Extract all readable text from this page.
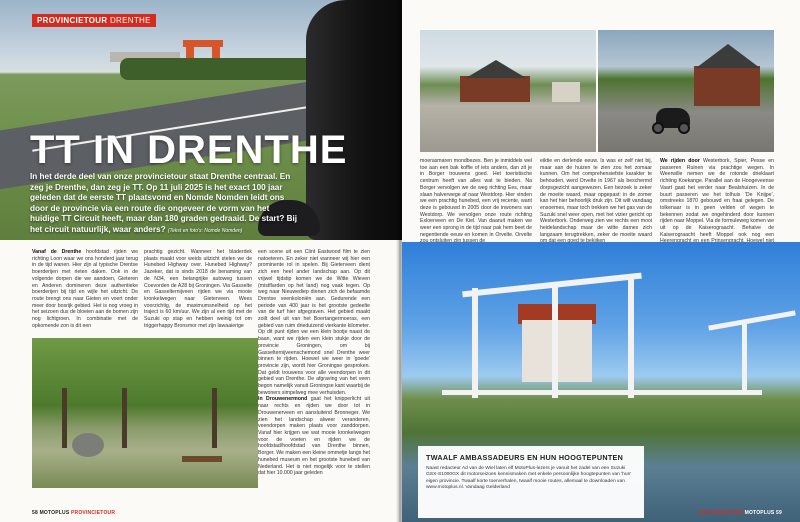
PROVINCIETOUR DRENTHE
TT IN DRENTHE
In het derde deel van onze provincietour staat Drenthe centraal. En zeg je Drenthe, dan zeg je TT. Op 11 juli 2025 is het exact 100 jaar geleden dat de eerste TT plaatsvond en Nomde Nomden leidt ons door de provincie via een route die ongeveer de vorm van het huidige TT Circuit heeft, maar dan 180 graden gedraaid. De start? Bij het circuit natuurlijk, waar anders? (Tekst en foto's: Nomde Nomden)
Vanaf de Drenthe hoofdstad rijden we richting Loon waar we ons honderd jaar terug in de tijd wanen. Hier zijn al typische Drentse boerderijen met rieten daken. Ook in de volgende dorpen die we aandoen, Gieteren en Anderen domineren deze authentieke boerderijen bij tijd en wijle het uitzicht. De route brengt ons naar Gieten en voert onder meer door bosrijk gebied. Het is nog vroeg in het seizoen dus de bloeien aan de bomen zijn nog lichtgroen. In combinatie met de opkomende zon is dit een
prachtig gezicht. Wanneer het bladerdek plaats maakt voor weids uitzicht stelen we de Hunebed Highway over. Hunebed Highway? Jazeker, dat is sinds 2018 de benaming van de N34, een belangrijke autoweg tussen Coevorden de A28 bij Groningen. Via Gasselte en Gasselternijveen rijden we via mooie kronkelwegen naar Gieterveen. Wees voorzichtig, de maximumsnelheid op het traject is 60 km/uur. We zijn al een tijd met de Suzuki op stap en hebben weinig tot om triggerhappy Bronsmor met zijn lawaaierige
een scene uit een Clint Eastwood film te zien natoeteren. En zeker niet wanneer wij hier een prominente rol in spelen. Bij Gieterveen dient zich een heel ander landschap aan. Op dit vrijwel tijdstip komen we de Witte Wieven (mistflarden op het land) nog vaak tegen. Op weg naar Nieuwediep dienen zich de befaamde Drentse veenkoloniën aan. Gedurende een periode van 400 jaar is het grootste gedeelte van de turf hier afgegraven. Het gebied maakt zoilt deel uit van het Boertangermoeras, een gebied van ruim drieduizend vierkante kilometer. Op dit punt rijden we een klein bootje naast de baan, want we rijden een klein stukje door de provincie Groningen, om bij Gasselternijveenschemond snel Drenthe weer binnen te rijden. Hoewel we weer in 'goede' provincie zijn, wordt hier Groningse gesproken. Dat geldt trouwens voor alle veendorpen in dit gebied van Drenthe. De afgraving van het veen begon namelijk vanuit Groningse kant waarbij de bewoners simpelweg mee verhuisden.
In Drouwenermond gaat het knipperlicht uit naar rechts en rijden we door tot in Drouwenerveen en aansluitend Bronneger. We zien het landschap alweer veranderen, veendorpen maken plaats voor zanddorpen. Vanaf hier krijgen we wat mooie kronkelwegen voor de voeten en rijden we de hoofdstad/hoofdstad van Drenthe binnen, Borger. We maken een kleine ommetje langs het hunebed museum en het grootste hunebed van Nederland. Het is niet mogelijk voor te stellen dat hier 10.000 jaar geleden
58 MOTOPLUS PROVINCIETOUR
moerasmaren mondbezes. Ben je inmiddels wel toe aan een bak koffie of iets anders, dan zit je in Borger trouwens goed. Het toeristische centrum heeft van alles wat te bieden. Na Borger vervolgen we de weg richting Ees, maar slaan halverwege af naar Westdorp. Hier vinden we een prachtig hunebed, een vrij recente, want deze is gebouwd in 2005 door de inwoners van Westdorp. We vervolgen onze route richting Exloerveen en De Kiel. Van daaruit maken we weer een sprong in de tijd naar pak hem beet de negentiende eeuw en komen in Orvelte. Orvelte
eiktie en derlende eeuw. Is was er zelf niet bij, maar aan de huizen te zien zou het zomaar kunnen. Om het comprehensiefste karakter te behouden, werd Orvelte in 1967 als beschermd dorpsgezicht aangewezen. Een bezoek is zeker de moeite waard, maar opgepast: in de zomer kan het hier behoorlijk druk zijn. Dit wilt vandaag ensoemes, maar toch trekken we het gas van de Suzuki snel weer open, met het vizier gericht op Westerbork. Onderweg zien we rechts een mooi heidelandschap maar de witte dames zich langzaam terugtrekken, zeker de moeite waard
We rijden door Westerbork, Spier, Pesse en passeren Ruinen via prachtige wegen. In Weerwille nemen we de rotonde drieklaart richting Koekange. Parallel aan de Hoogeveense Vaart gaat het verder naar Bealshuizen. In de buurt passeren we het tolhuis 'De Knijpe', omstreeks 1870 gebouwd en fraai gelegen. De tolkenaar is in geen velden of wegen te bekennen zodat we ongehinderd door kunnen rijden naar Moppel. Via de formuleweg komen we uit op de Kaiserograacht. Behalve de Kaiserograacht heeft Moppel ook nog een
TWAALF AMBASSADEURS EN HUN HOOGTEPUNTEN
Naast redacteur Ad van de Wiel laten elf MotoPlus-lezers je vanuit het zadel van een Suzuki GSX-S1000GX dit motorseizoen kennismaken met enkele persoonlijke hoogtepunten van 'hun' eigen provincie. Twaalf korte toerverhalen, twaalf mooie routes, allemaal te downloaden van www.motoplus.nl. Vandaag Gelderland
PROVINCIETOUR MOTOPLUS 59
